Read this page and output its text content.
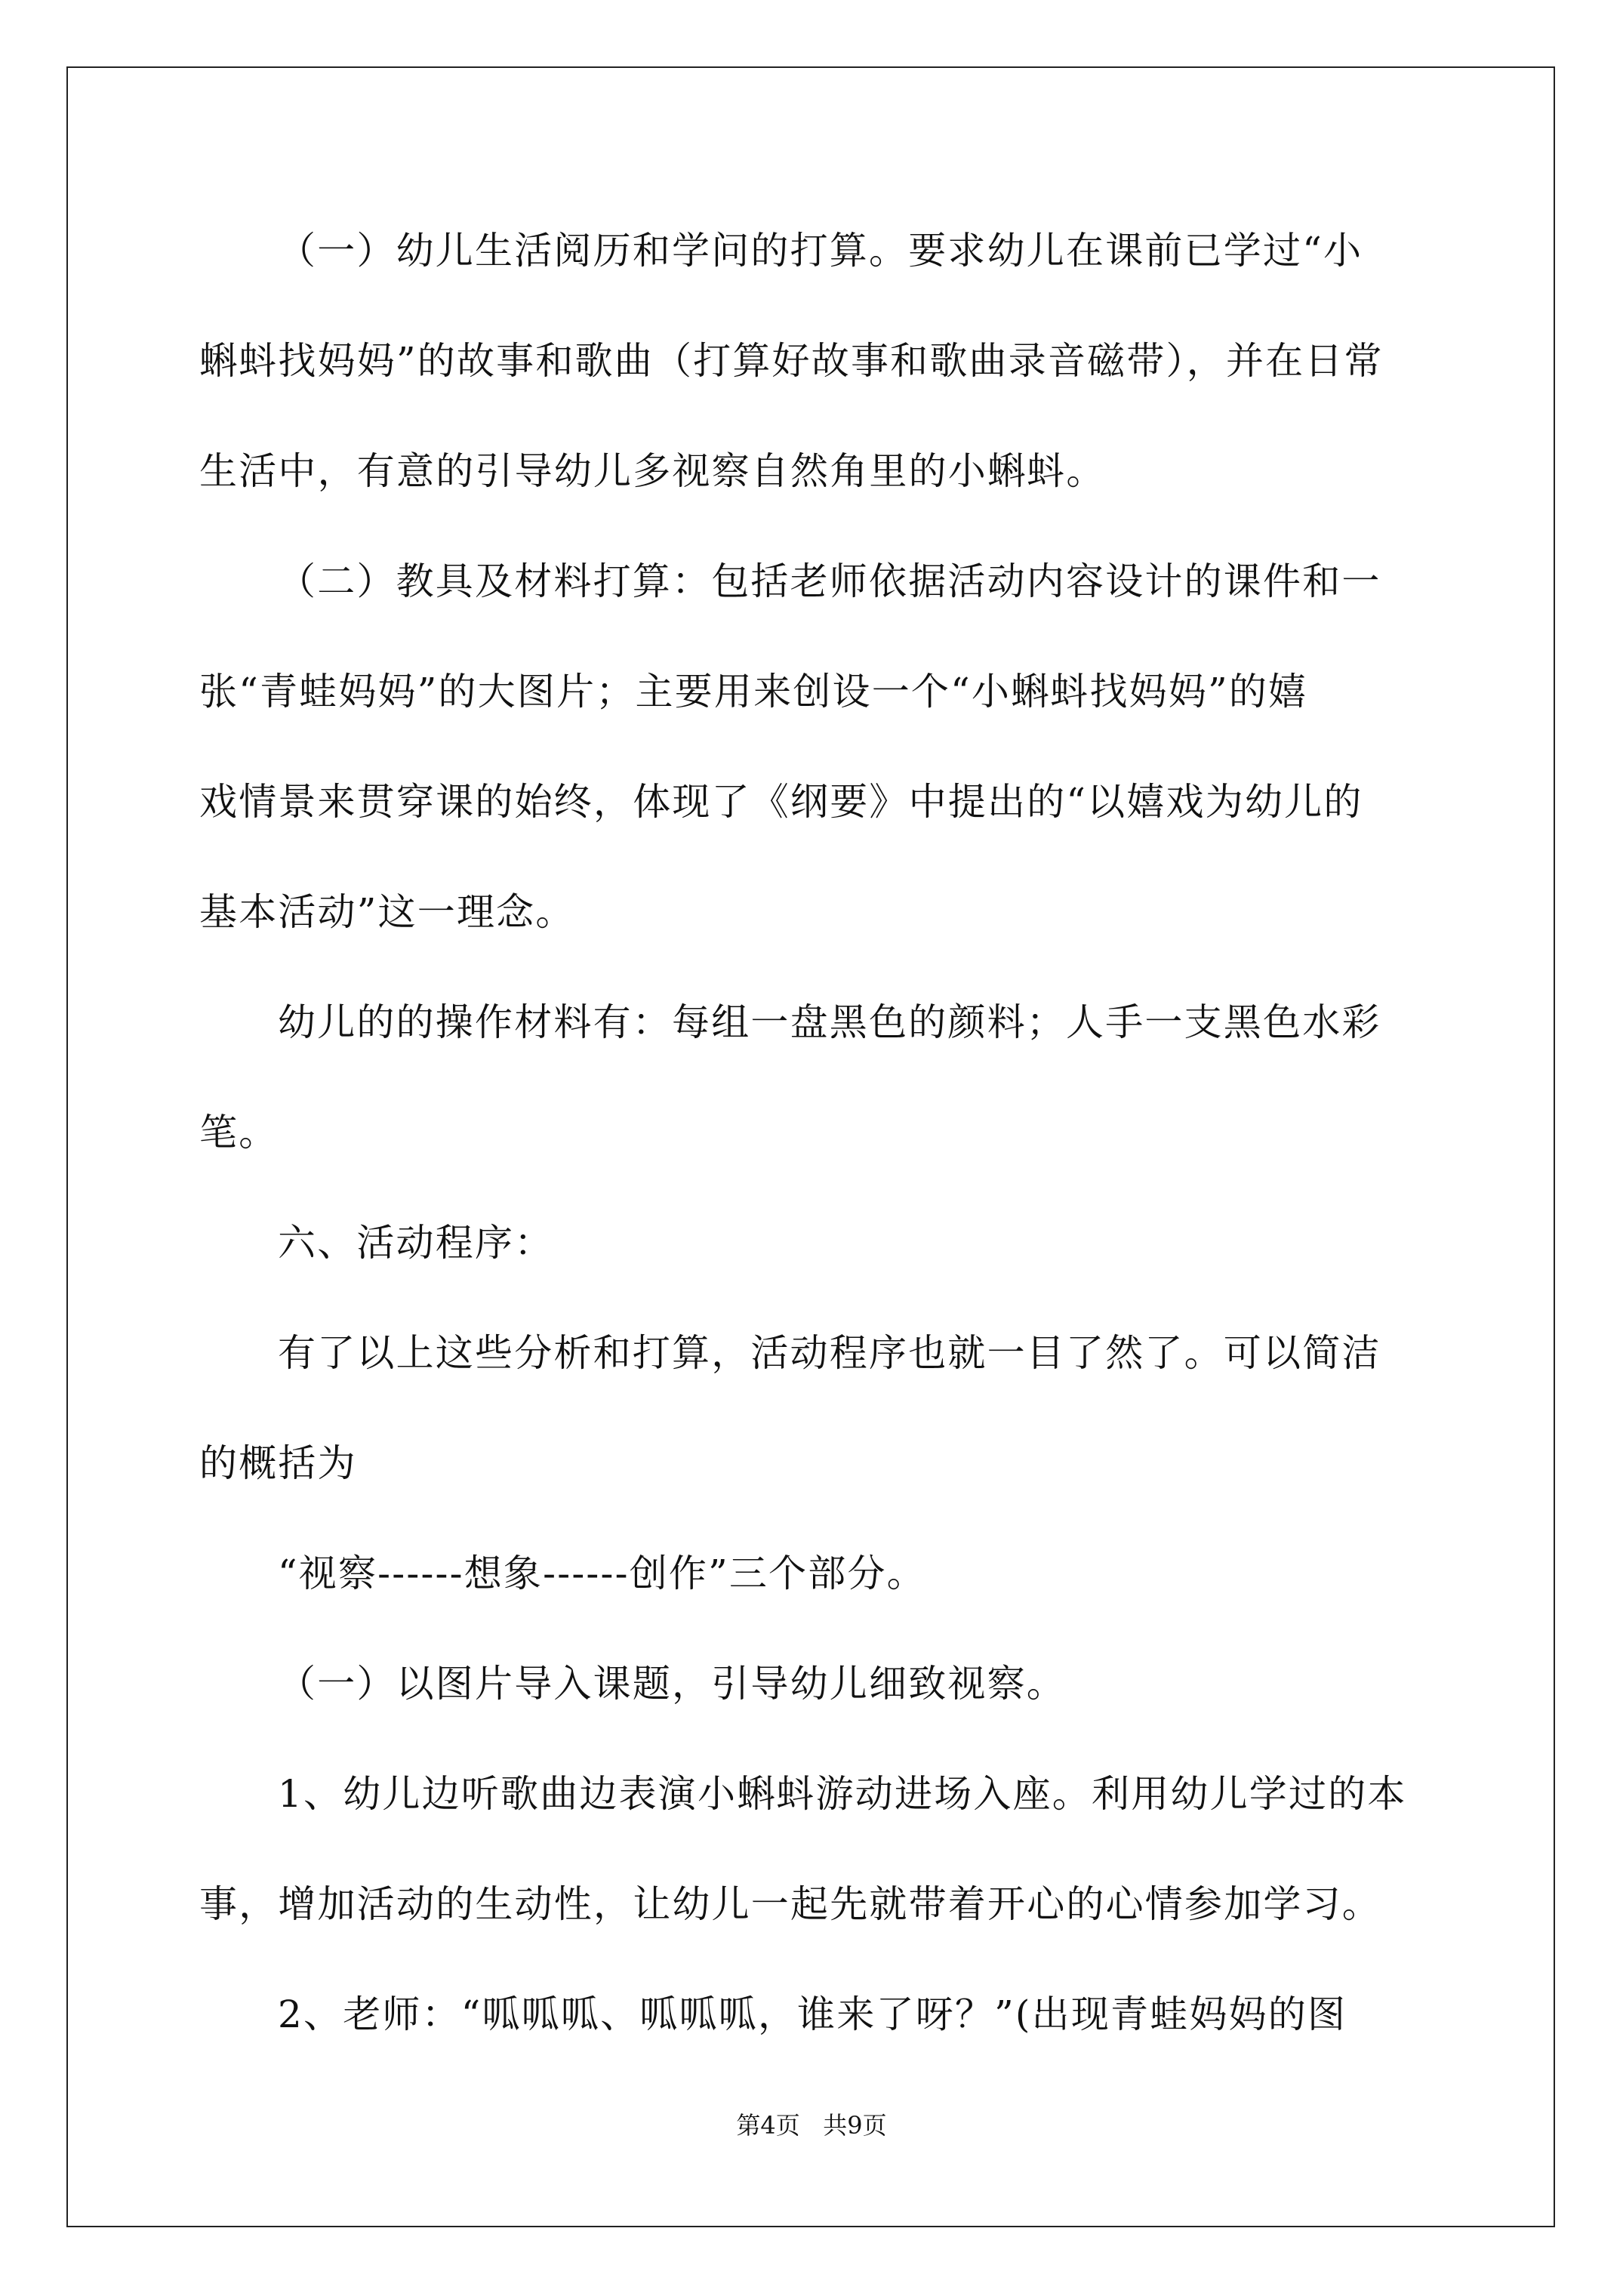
（一）幼儿生活阅历和学问的打算。要求幼儿在课前已学过“小
蝌蚪找妈妈”的故事和歌曲（打算好故事和歌曲录音磁带），并在日常
生活中，有意的引导幼儿多视察自然角里的小蝌蚪。
（二）教具及材料打算：包括老师依据活动内容设计的课件和一
张“青蛙妈妈”的大图片；主要用来创设一个“小蝌蚪找妈妈”的嬉
戏情景来贯穿课的始终，体现了《纲要》中提出的“以嬉戏为幼儿的
基本活动”这一理念。
幼儿的的操作材料有：每组一盘黑色的颜料；人手一支黑色水彩
笔。
六、活动程序：
有了以上这些分析和打算，活动程序也就一目了然了。可以简洁
的概括为
“视察------想象------创作”三个部分。
（一）以图片导入课题，引导幼儿细致视察。
1、幼儿边听歌曲边表演小蝌蚪游动进场入座。利用幼儿学过的本
事，增加活动的生动性，让幼儿一起先就带着开心的心情参加学习。
2、老师：“呱呱呱、呱呱呱，谁来了呀？”(出现青蛙妈妈的图
第4页   共9页
